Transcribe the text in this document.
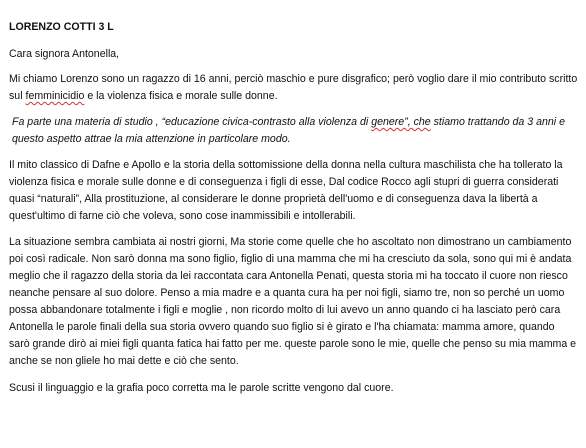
LORENZO COTTI 3 L

Cara signora Antonella,

Mi chiamo Lorenzo sono un ragazzo di 16 anni, perciò maschio e pure disgrafico; però voglio dare il mio contributo scritto sul femminicidio e la violenza fisica e morale sulle donne.

Fa parte una materia di studio , “educazione civica-contrasto alla violenza di genere”, che stiamo trattando da 3 anni e questo aspetto attrae la mia attenzione in particolare modo.

Il mito classico di Dafne e Apollo e la storia della sottomissione della donna nella cultura maschilista che ha tollerato la violenza fisica e morale sulle donne e di conseguenza i figli di esse, Dal codice Rocco agli stupri di guerra considerati quasi “naturali”, Alla prostituzione, al considerare le donne proprietà dell'uomo e di conseguenza dava la libertà a quest'ultimo di farne ciò che voleva, sono cose inammissibili e intollerabili.

La situazione sembra cambiata ai nostri giorni, Ma storie come quelle che ho ascoltato non dimostrano un cambiamento poi così radicale. Non sarò donna ma sono figlio, figlio di una mamma che mi ha cresciuto da sola, sono qui mi è andata meglio che il ragazzo della storia da lei raccontata cara Antonella Penati, questa storia mi ha toccato il cuore non riesco neanche pensare al suo dolore. Penso a mia madre e a quanta cura ha per noi figli, siamo tre, non so perché un uomo possa abbandonare totalmente i figli e moglie , non ricordo molto di lui avevo un anno quando ci ha lasciato però cara Antonella le parole finali della sua storia ovvero quando suo figlio si è girato e l'ha chiamata: mamma amore, quando sarò grande dirò ai miei figli quanta fatica hai fatto per me. queste parole sono le mie, quelle che penso su mia mamma e anche se non gliele ho mai dette e ciò che sento.

Scusi il linguaggio e la grafia poco corretta ma le parole scritte vengono dal cuore.
